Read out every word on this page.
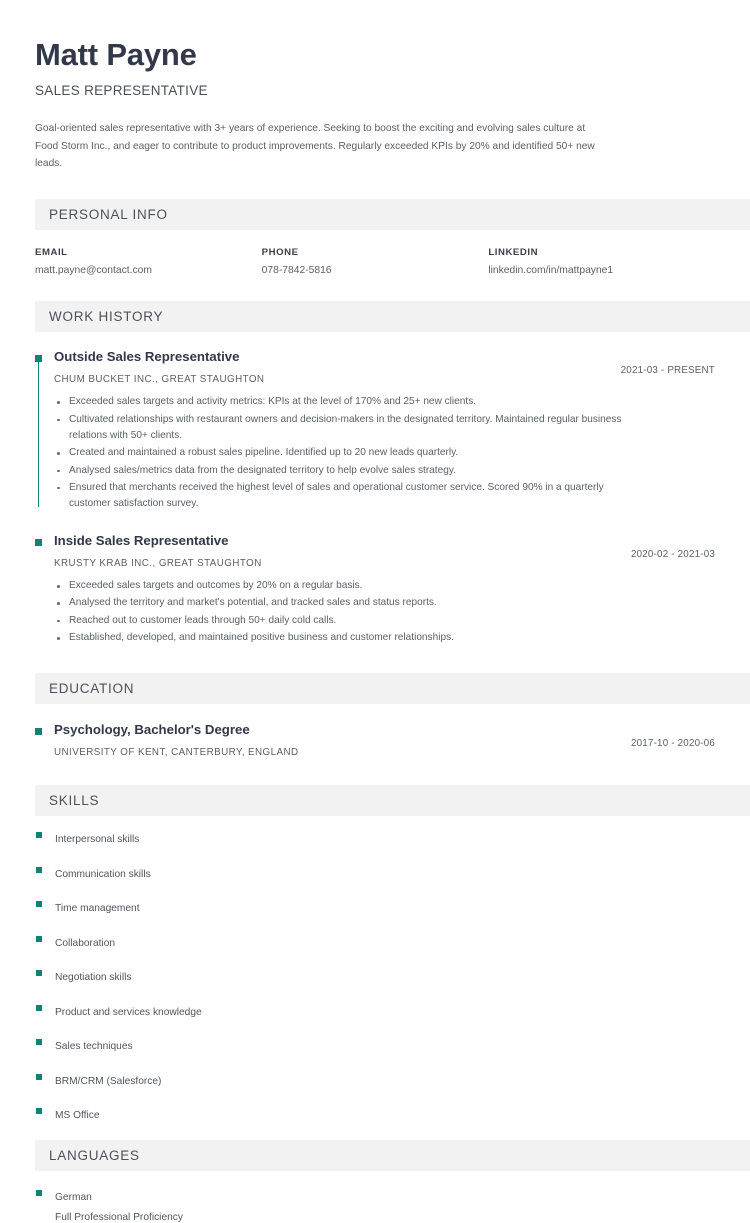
Matt Payne
SALES REPRESENTATIVE
Goal-oriented sales representative with 3+ years of experience. Seeking to boost the exciting and evolving sales culture at Food Storm Inc., and eager to contribute to product improvements. Regularly exceeded KPIs by 20% and identified 50+ new leads.
PERSONAL INFO
EMAIL
matt.payne@contact.com
PHONE
078-7842-5816
LINKEDIN
linkedin.com/in/mattpayne1
WORK HISTORY
Outside Sales Representative
CHUM BUCKET INC., GREAT STAUGHTON
2021-03 - PRESENT
Exceeded sales targets and activity metrics: KPIs at the level of 170% and 25+ new clients.
Cultivated relationships with restaurant owners and decision-makers in the designated territory. Maintained regular business relations with 50+ clients.
Created and maintained a robust sales pipeline. Identified up to 20 new leads quarterly.
Analysed sales/metrics data from the designated territory to help evolve sales strategy.
Ensured that merchants received the highest level of sales and operational customer service. Scored 90% in a quarterly customer satisfaction survey.
Inside Sales Representative
KRUSTY KRAB INC., GREAT STAUGHTON
2020-02 - 2021-03
Exceeded sales targets and outcomes by 20% on a regular basis.
Analysed the territory and market's potential, and tracked sales and status reports.
Reached out to customer leads through 50+ daily cold calls.
Established, developed, and maintained positive business and customer relationships.
EDUCATION
Psychology, Bachelor's Degree
UNIVERSITY OF KENT, CANTERBURY, ENGLAND
2017-10 - 2020-06
SKILLS
Interpersonal skills
Communication skills
Time management
Collaboration
Negotiation skills
Product and services knowledge
Sales techniques
BRM/CRM (Salesforce)
MS Office
LANGUAGES
German
Full Professional Proficiency
